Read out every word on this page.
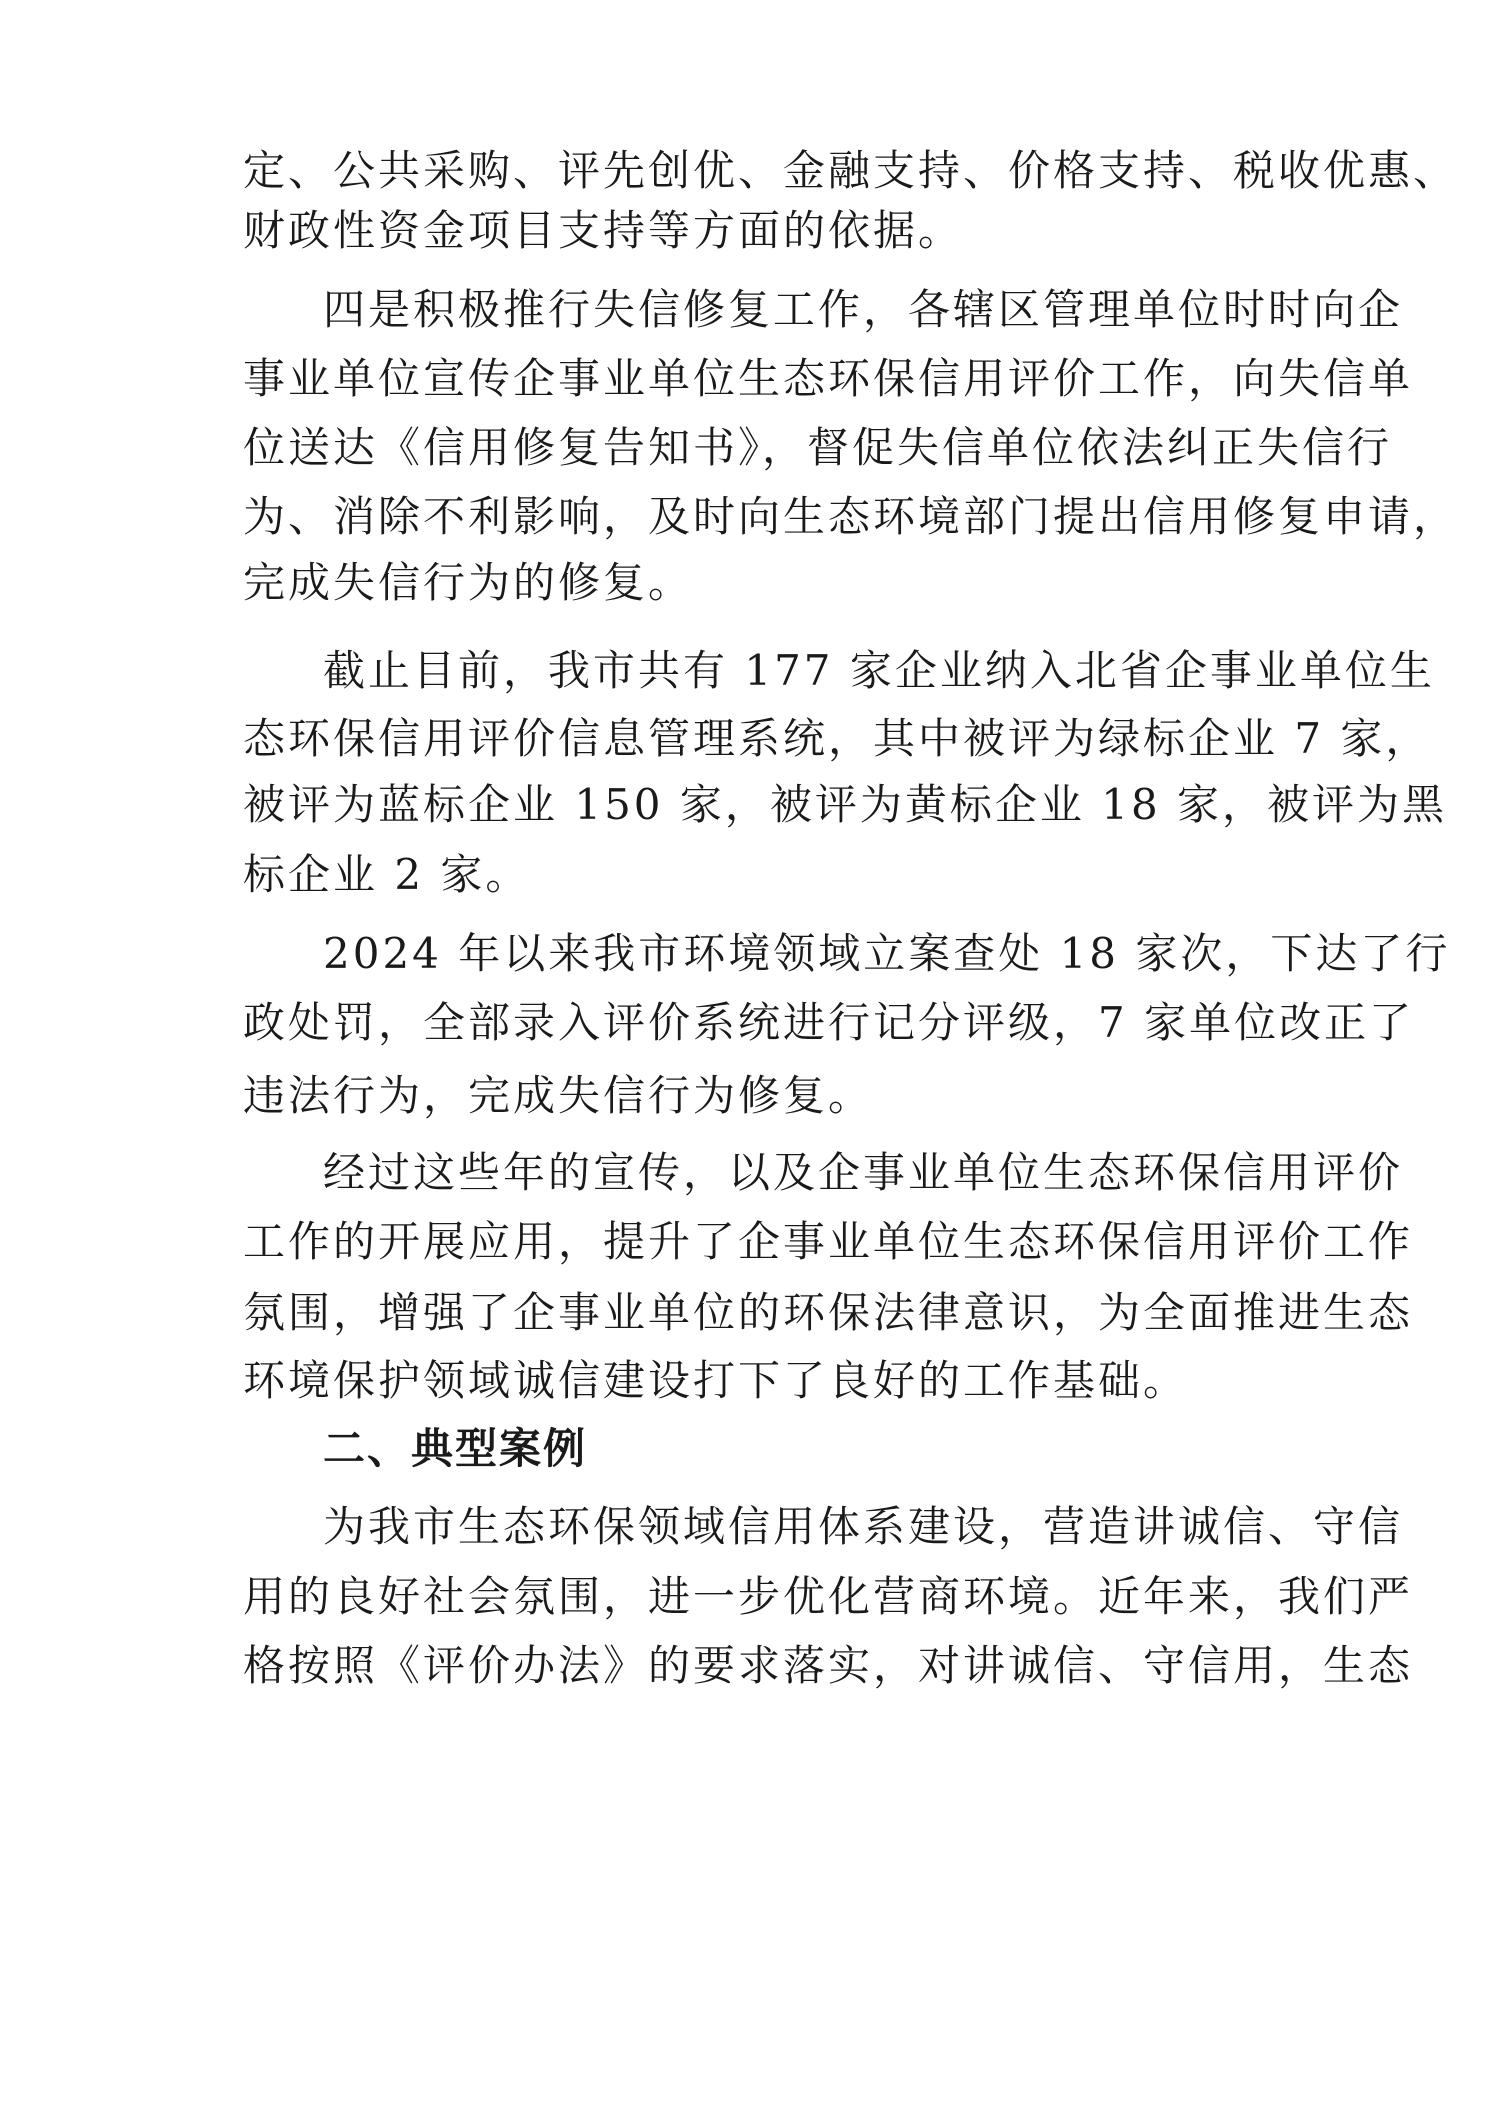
定、公共采购、评先创优、金融支持、价格支持、税收优惠、
财政性资金项目支持等方面的依据。
四是积极推行失信修复工作，各辖区管理单位时时向企
事业单位宣传企事业单位生态环保信用评价工作，向失信单
位送达《信用修复告知书》，督促失信单位依法纠正失信行
为、消除不利影响，及时向生态环境部门提出信用修复申请，
完成失信行为的修复。
截止目前，我市共有 177 家企业纳入北省企事业单位生
态环保信用评价信息管理系统，其中被评为绿标企业 7 家，
被评为蓝标企业 150 家，被评为黄标企业 18 家，被评为黑
标企业 2 家。
2024 年以来我市环境领域立案查处 18 家次，下达了行
政处罚，全部录入评价系统进行记分评级，7 家单位改正了
违法行为，完成失信行为修复。
经过这些年的宣传，以及企事业单位生态环保信用评价
工作的开展应用，提升了企事业单位生态环保信用评价工作
氛围，增强了企事业单位的环保法律意识，为全面推进生态
环境保护领域诚信建设打下了良好的工作基础。
二、典型案例
为我市生态环保领域信用体系建设，营造讲诚信、守信
用的良好社会氛围，进一步优化营商环境。近年来，我们严
格按照《评价办法》的要求落实，对讲诚信、守信用，生态
